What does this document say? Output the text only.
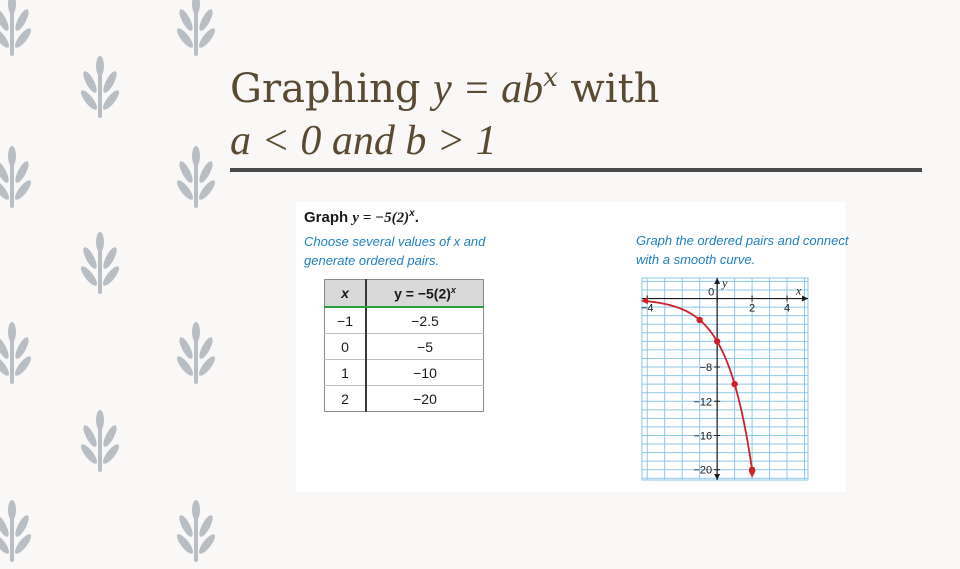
Graphing $y = ab^x$ with
a < 0 and b > 1
Graph $y = -5(2)^x$.
Choose several values of x and generate ordered pairs.
Graph the ordered pairs and connect with a smooth curve.
x	$y = -5(2)^x$
−1	−2.5
0	−5
1	−10
2	−20
x
y
−4
0
2	4
−8
−12
−16
−20
